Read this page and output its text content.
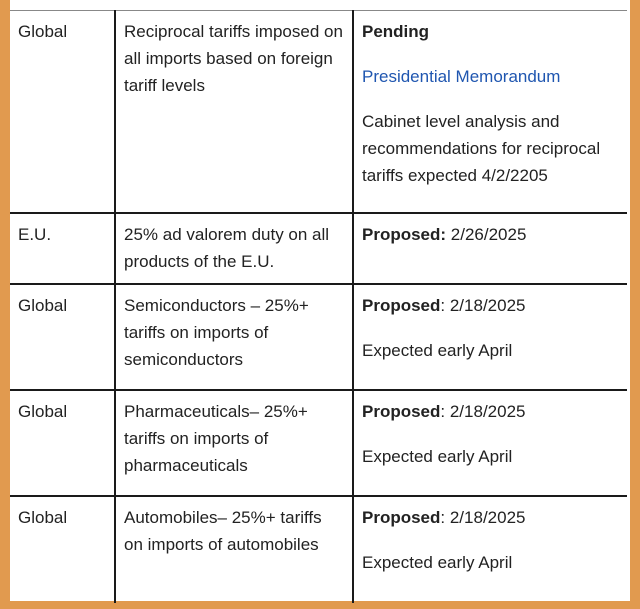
Global	Reciprocal tariffs imposed on all imports based on foreign tariff levels	Pending
Presidential Memorandum
Cabinet level analysis and recommendations for reciprocal tariffs expected 4/2/2205

E.U.	25% ad valorem duty on all products of the E.U.	Proposed: 2/26/2025

Global	Semiconductors – 25%+ tariffs on imports of semiconductors	Proposed: 2/18/2025
Expected early April

Global	Pharmaceuticals– 25%+ tariffs on imports of pharmaceuticals	Proposed: 2/18/2025
Expected early April

Global	Automobiles– 25%+ tariffs on imports of automobiles	Proposed: 2/18/2025
Expected early April
